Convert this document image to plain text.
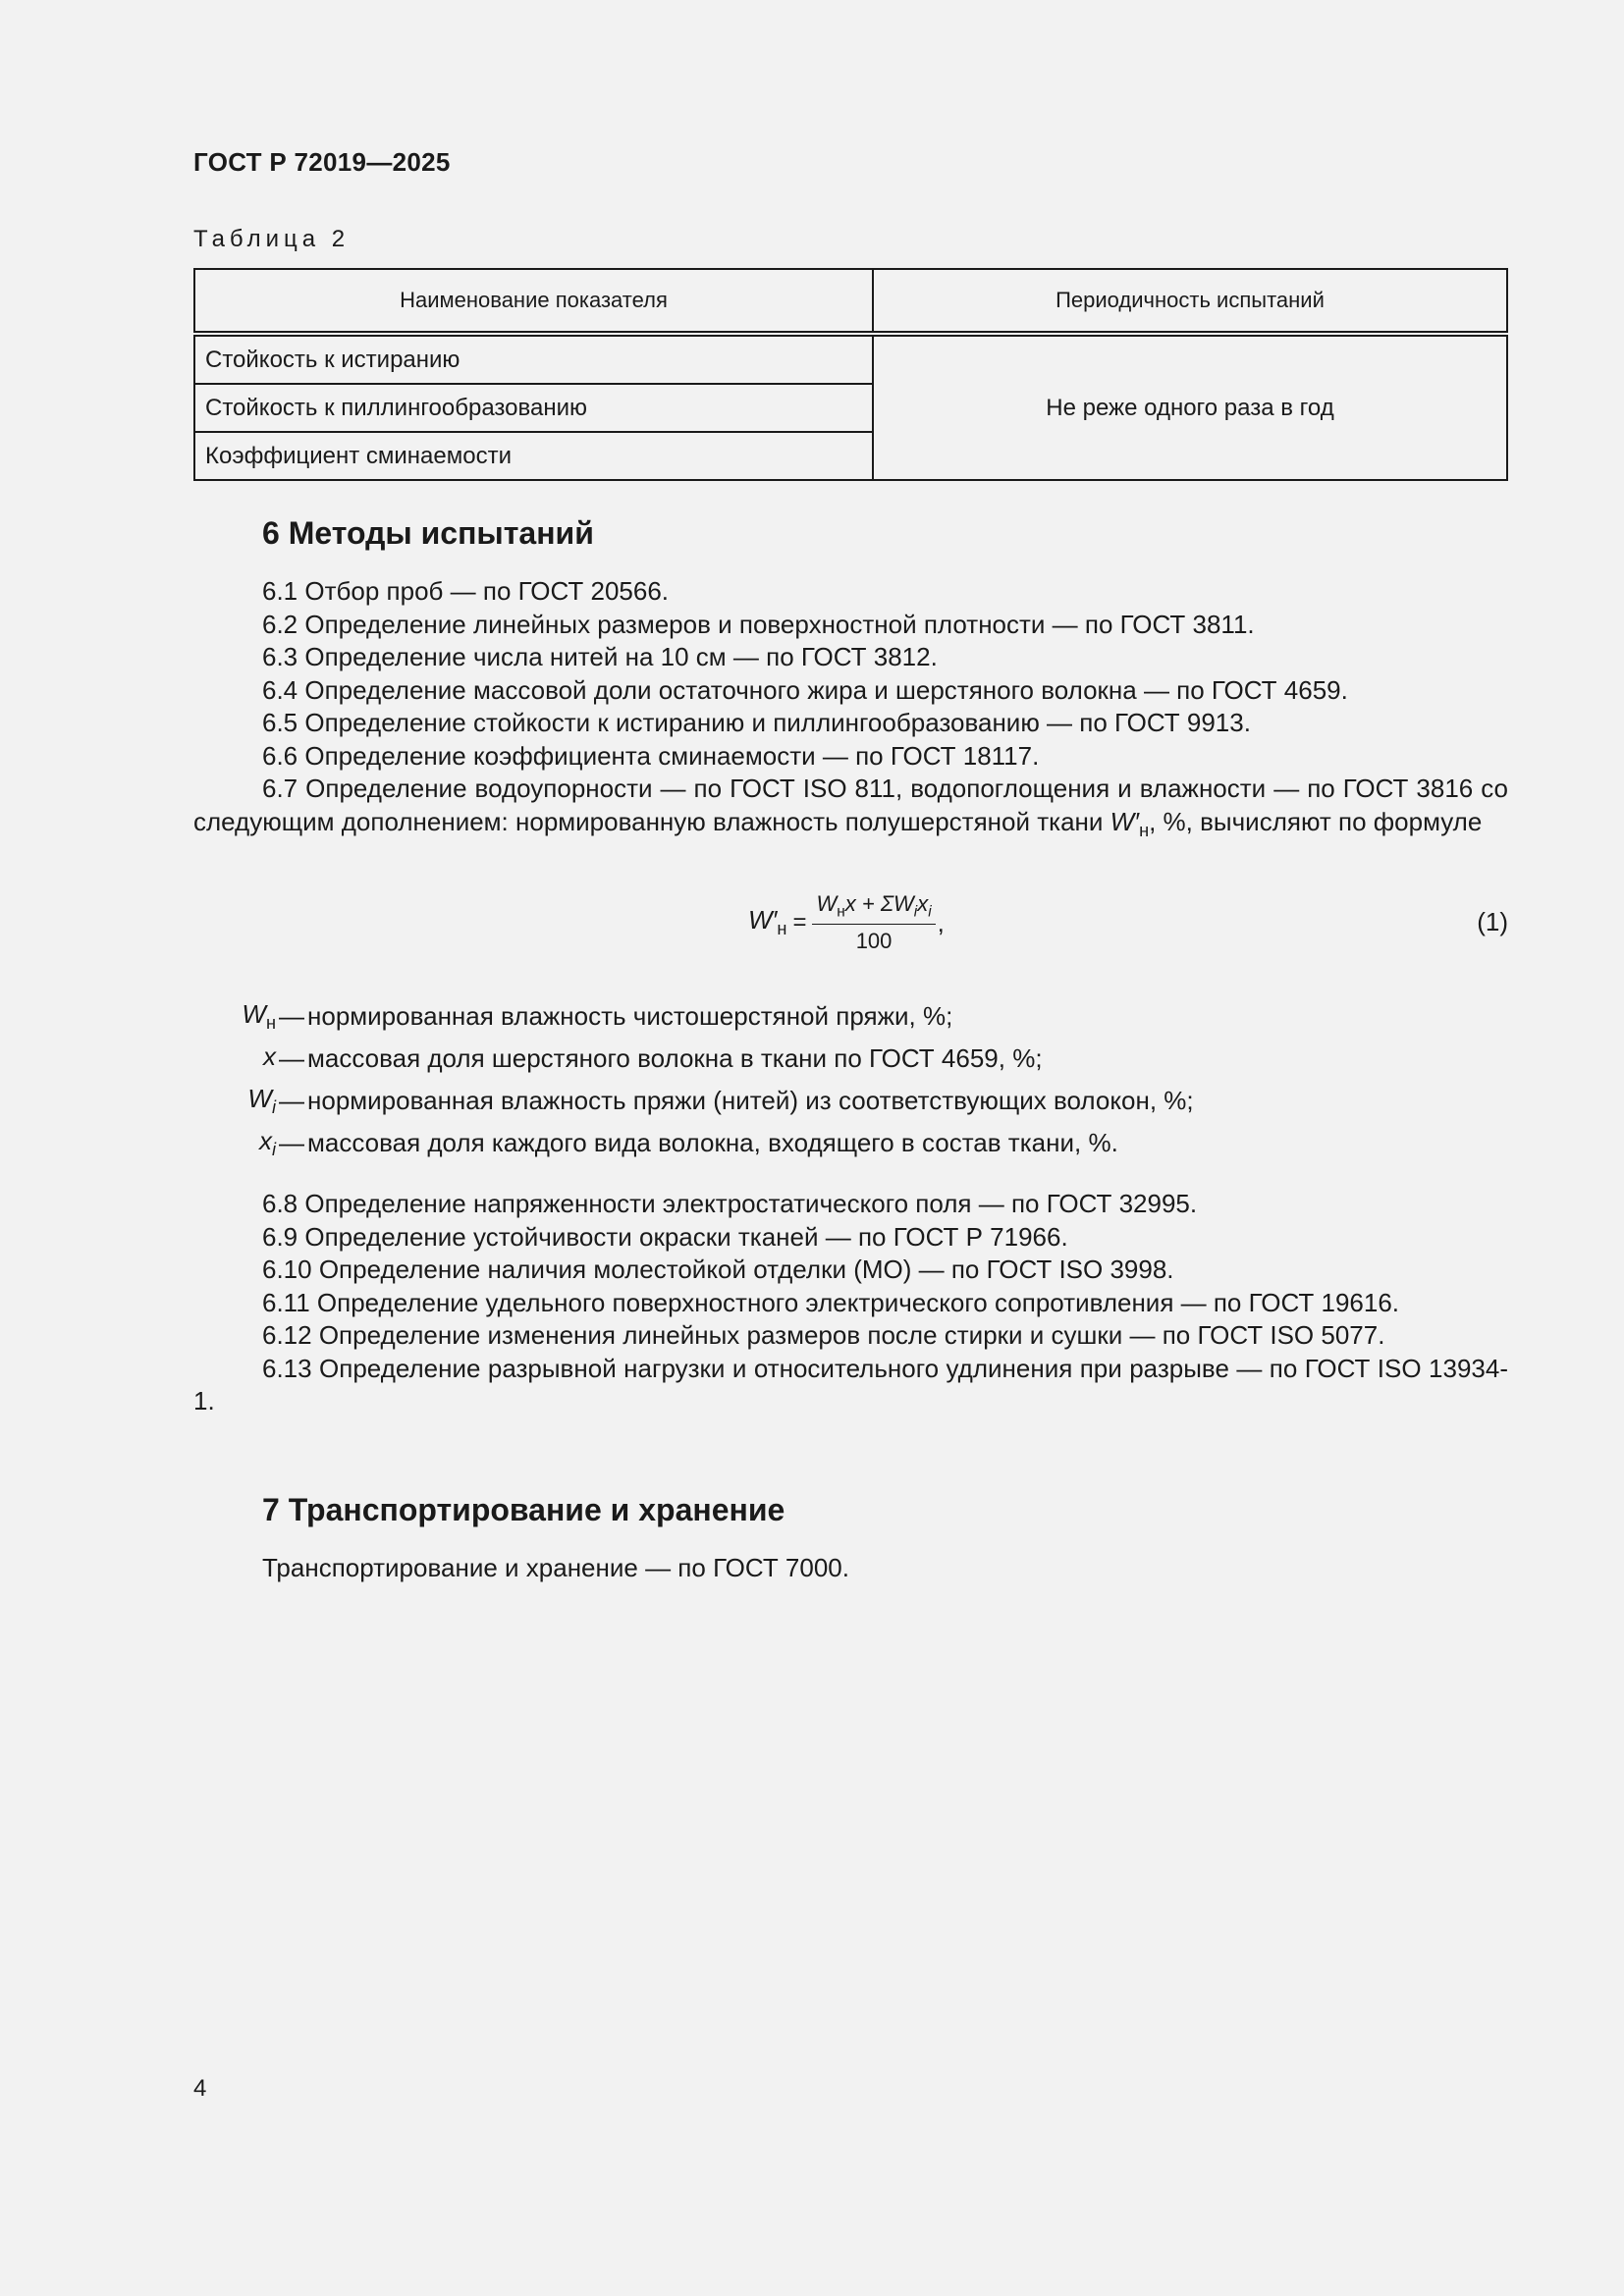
ГОСТ Р 72019—2025
Таблица 2
Наименование показателя	Периодичность испытаний
Стойкость к истиранию	Не реже одного раза в год
Стойкость к пиллингообразованию	
Коэффициент сминаемости	
6 Методы испытаний

6.1 Отбор проб — по ГОСТ 20566.

6.2 Определение линейных размеров и поверхностной плотности — по ГОСТ 3811.

6.3 Определение числа нитей на 10 см — по ГОСТ 3812.

6.4 Определение массовой доли остаточного жира и шерстяного волокна — по ГОСТ 4659.

6.5 Определение стойкости к истиранию и пиллингообразованию — по ГОСТ 9913.

6.6 Определение коэффициента сминаемости — по ГОСТ 18117.

6.7 Определение водоупорности — по ГОСТ ISO 811, водопоглощения и влажности — по ГОСТ 3816 со следующим дополнением: нормированную влажность полушерстяной ткани $W'_н$, %, вычисляют по формуле

$W'_н = \frac{W_нx + \Sigma W_ix_i}{100}$ ,	(1)
$W_н$ — нормированная влажность чистошерстяной пряжи, %;
x — массовая доля шерстяного волокна в ткани по ГОСТ 4659, %;
$W_i$ — нормированная влажность пряжи (нитей) из соответствующих волокон, %;
$x_i$ — массовая доля каждого вида волокна, входящего в состав ткани, %.

6.8 Определение напряженности электростатического поля — по ГОСТ 32995.

6.9 Определение устойчивости окраски тканей — по ГОСТ Р 71966.

6.10 Определение наличия молестойкой отделки (МО) — по ГОСТ ISO 3998.

6.11 Определение удельного поверхностного электрического сопротивления — по ГОСТ 19616.

6.12 Определение изменения линейных размеров после стирки и сушки — по ГОСТ ISO 5077.

6.13 Определение разрывной нагрузки и относительного удлинения при разрыве — по ГОСТ ISO 13934-1.

7 Транспортирование и хранение

Транспортирование и хранение — по ГОСТ 7000.

4
